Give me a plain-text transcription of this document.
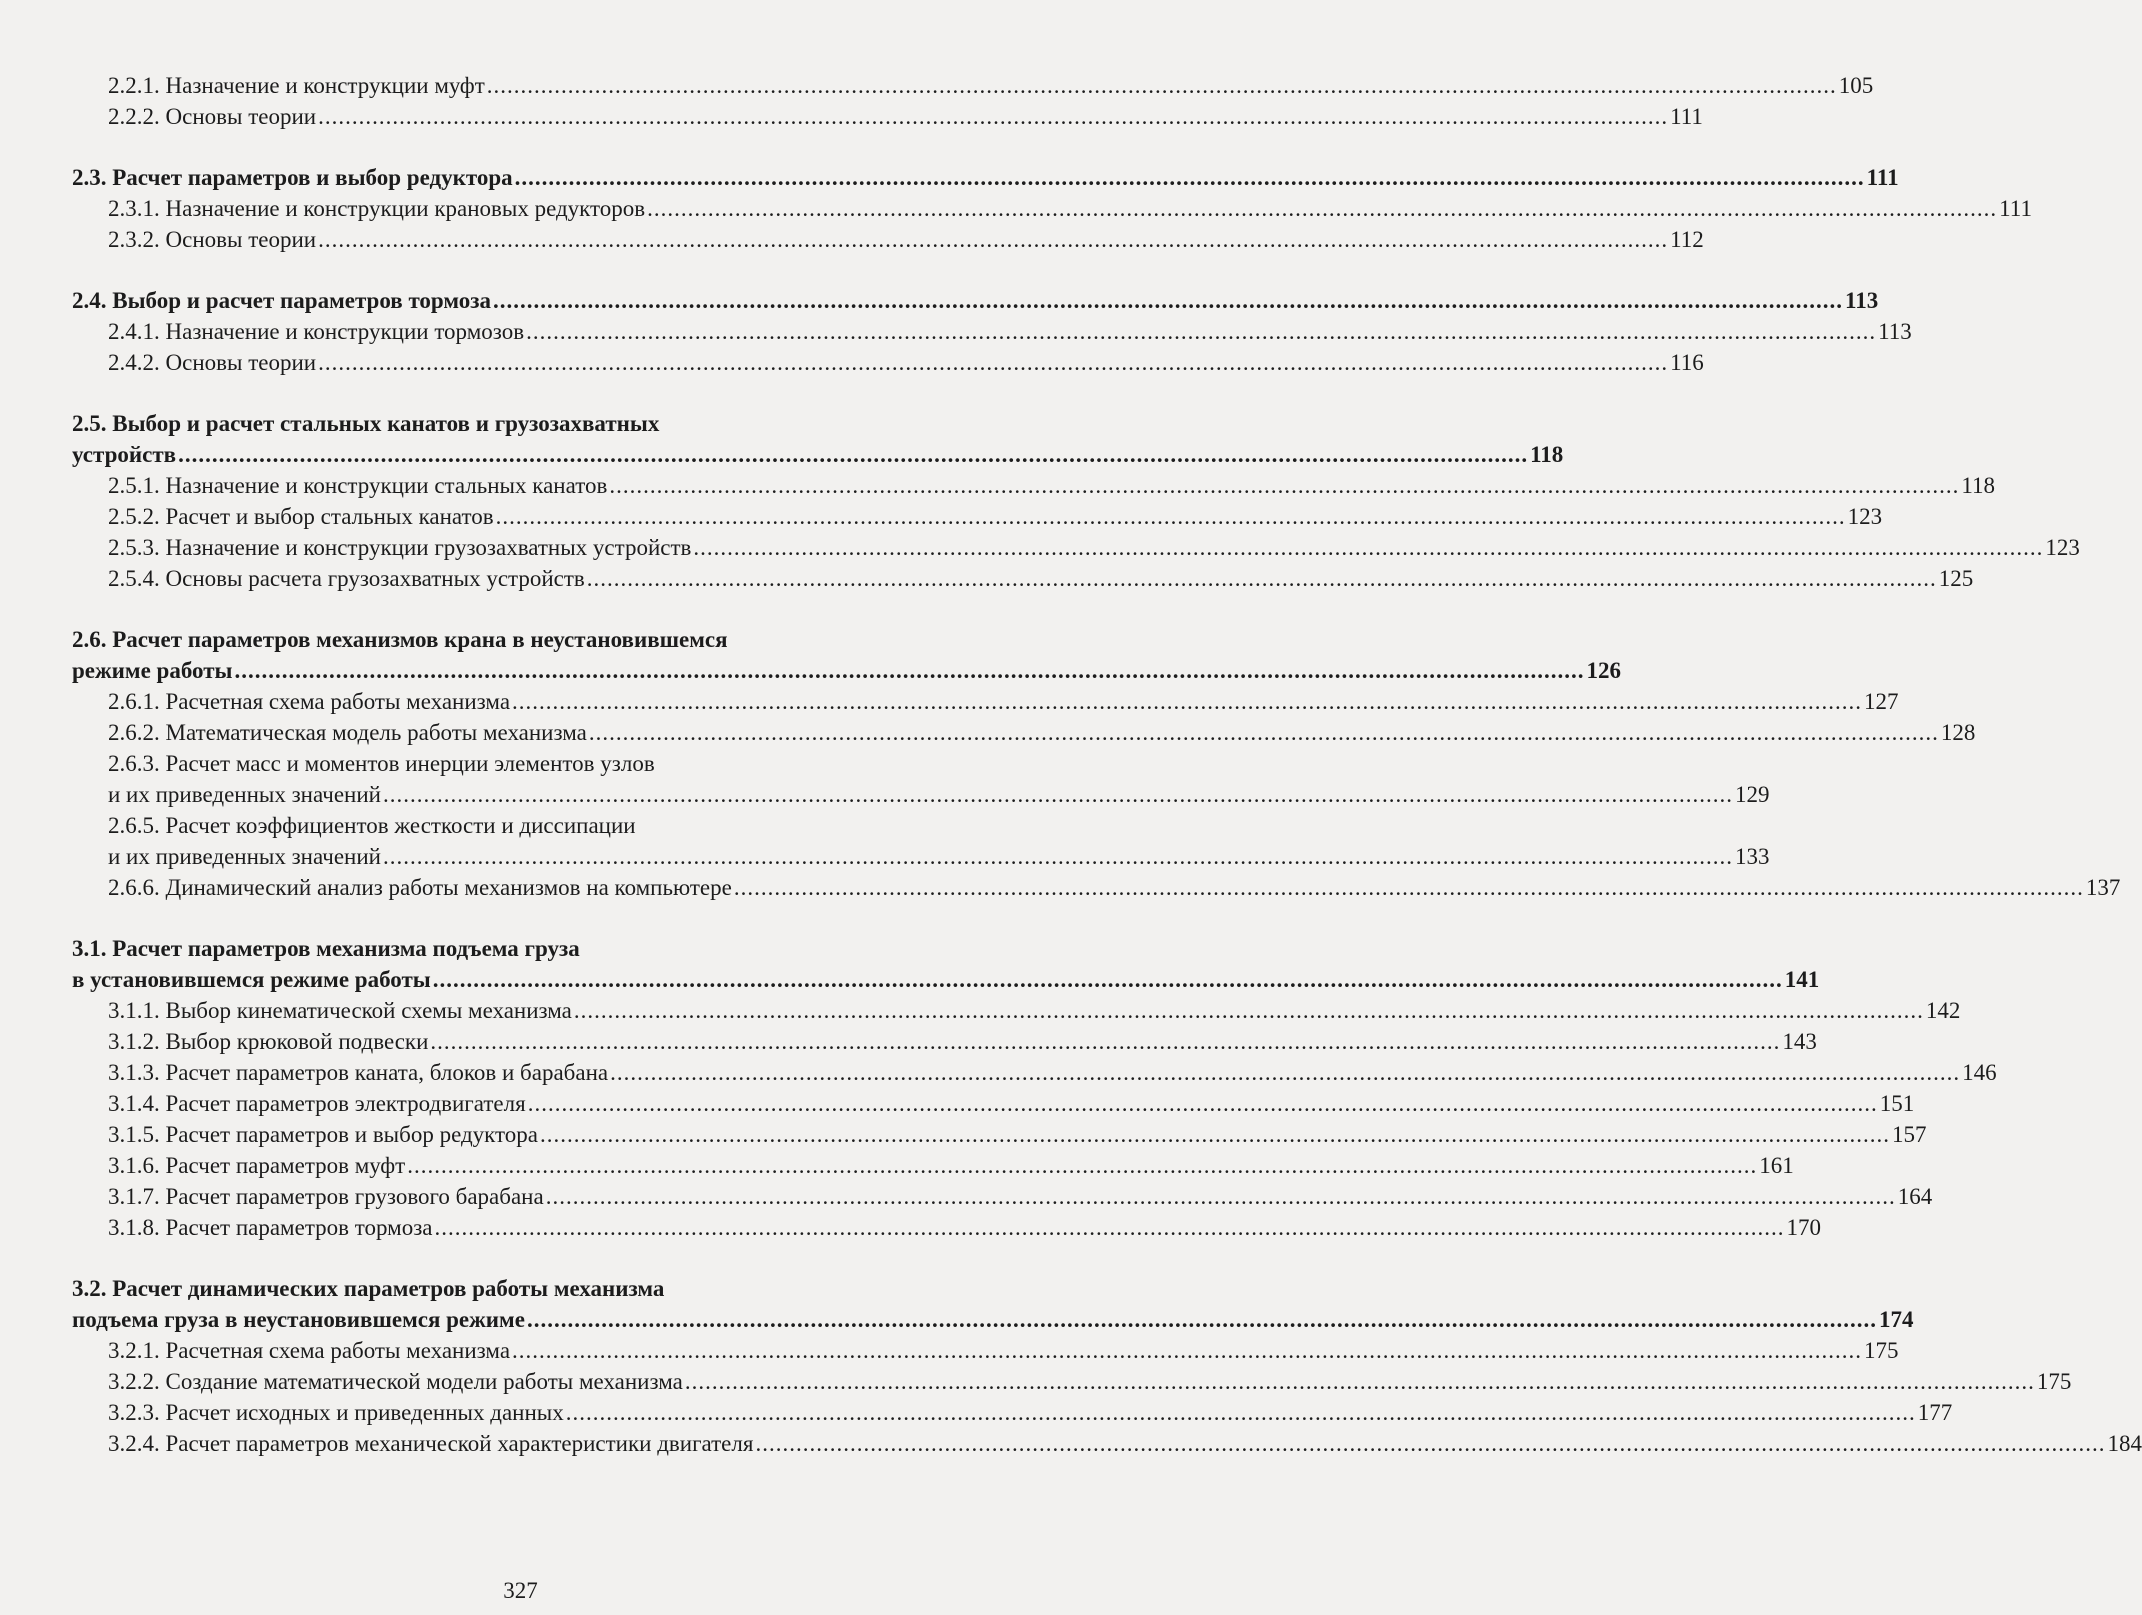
2.2.1. Назначение и конструкции муфт .....	105
2.2.2. Основы теории .....	111
2.3. Расчет параметров и выбор редуктора .....	111
2.3.1. Назначение и конструкции крановых редукторов .....	111
2.3.2. Основы теории .....	112
2.4. Выбор и расчет параметров тормоза .....	113
2.4.1. Назначение и конструкции тормозов .....	113
2.4.2. Основы теории .....	116
2.5. Выбор и расчет стальных канатов и грузозахватных
устройств .....	118
2.5.1. Назначение и конструкции стальных канатов .....	118
2.5.2. Расчет и выбор стальных канатов .....	123
2.5.3. Назначение и конструкции грузозахватных устройств .....	123
2.5.4. Основы расчета грузозахватных устройств .....	125
2.6. Расчет параметров механизмов крана в неустановившемся
режиме работы .....	126
2.6.1. Расчетная схема работы механизма .....	127
2.6.2. Математическая модель работы механизма .....	128
2.6.3. Расчет масс и моментов инерции элементов узлов
и их приведенных значений .....	129
2.6.5. Расчет коэффициентов жесткости и диссипации
и их приведенных значений .....	133
2.6.6. Динамический анализ работы механизмов на компьютере .....	137
3.1. Расчет параметров механизма подъема груза
в установившемся режиме работы .....	141
3.1.1. Выбор кинематической схемы механизма .....	142
3.1.2. Выбор крюковой подвески .....	143
3.1.3. Расчет параметров каната, блоков и барабана .....	146
3.1.4. Расчет параметров электродвигателя .....	151
3.1.5. Расчет параметров и выбор редуктора .....	157
3.1.6. Расчет параметров муфт .....	161
3.1.7. Расчет параметров грузового барабана .....	164
3.1.8. Расчет параметров тормоза .....	170
3.2. Расчет динамических параметров работы механизма
подъема груза в неустановившемся режиме .....	174
3.2.1. Расчетная схема работы механизма .....	175
3.2.2. Создание математической модели работы механизма .....	175
3.2.3. Расчет исходных и приведенных данных .....	177
3.2.4. Расчет параметров механической характеристики двигателя .....	184
327
